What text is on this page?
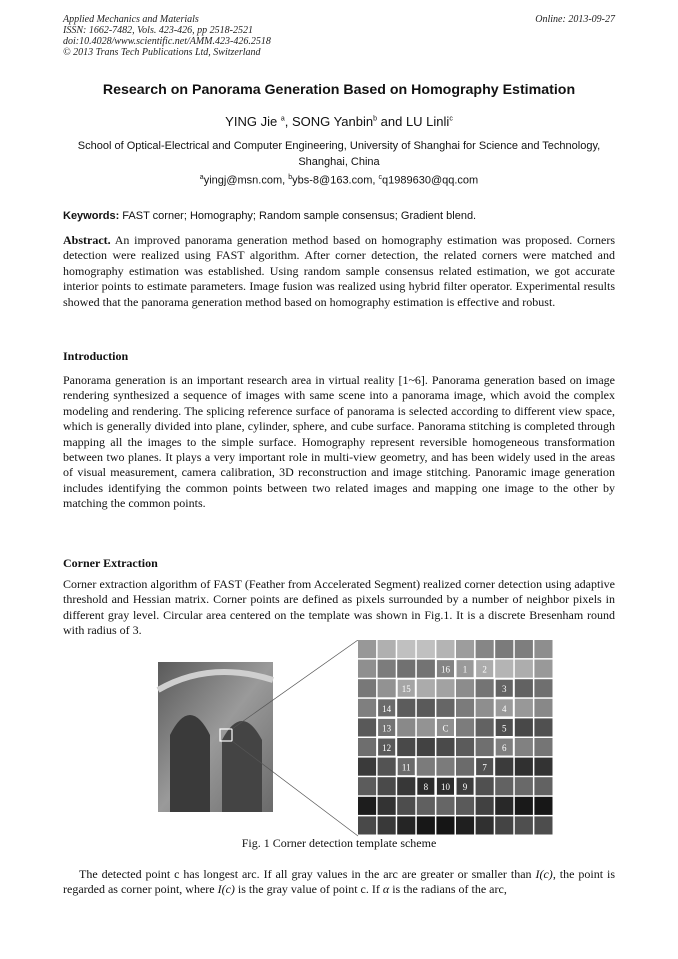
Applied Mechanics and Materials
ISSN: 1662-7482, Vols. 423-426, pp 2518-2521
doi:10.4028/www.scientific.net/AMM.423-426.2518
© 2013 Trans Tech Publications Ltd, Switzerland
Online: 2013-09-27
Research on Panorama Generation Based on Homography Estimation
YING Jie $^a$, SONG Yanbin$^b$ and LU Linli$^c$
School of Optical-Electrical and Computer Engineering, University of Shanghai for Science and Technology, Shanghai, China
$^a$yingj@msn.com, $^b$ybs-8@163.com, $^c$q1989630@qq.com
Keywords: FAST corner; Homography; Random sample consensus; Gradient blend.
Abstract. An improved panorama generation method based on homography estimation was proposed. Corners detection were realized using FAST algorithm. After corner detection, the related corners were matched and homography estimation was established. Using random sample consensus related estimation, we got accurate interior points to estimate parameters. Image fusion was realized using hybrid filter operator. Experimental results showed that the panorama generation method based on homography estimation is effective and robust.
Introduction
Panorama generation is an important research area in virtual reality [1~6]. Panorama generation based on image rendering synthesized a sequence of images with same scene into a panorama image, which avoid the complex modeling and rendering. The splicing reference surface of panorama is selected according to different view space, which is generally divided into plane, cylinder, sphere, and cube surface. Panorama stitching is completed through mapping all the images to the simple surface. Homography represent reversible homogeneous transformation between two planes. It plays a very important role in multi-view geometry, and has been widely used in the areas of visual measurement, camera calibration, 3D reconstruction and image stitching. Panoramic image generation includes identifying the common points between two related images and mapping one image to the other by matching the common points.
Corner Extraction
Corner extraction algorithm of FAST (Feather from Accelerated Segment) realized corner detection using adaptive threshold and Hessian matrix. Corner points are defined as pixels surrounded by a number of neighbor pixels in different gray level. Circular area centered on the template was shown in Fig.1. It is a discrete Bresenham round with radius of 3.
16 1 2
15	3
14	4
13	C	5
12	6
11	7
10 9
8
Fig. 1 Corner detection template scheme
The detected point c has longest arc. If all gray values in the arc are greater or smaller than I(c), the point is regarded as corner point, where I(c) is the gray value of point c. If α is the radians of the arc,
